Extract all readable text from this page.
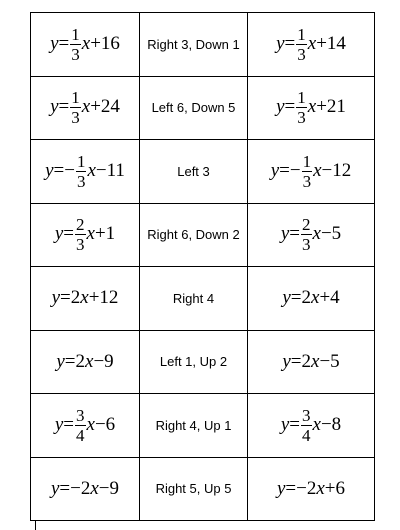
$y= \frac{1}{3} x+16$	Right 3, Down 1	$y= \frac{1}{3} x+14$
$y= \frac{1}{3} x+24$	Left 6, Down 5	$y= \frac{1}{3} x+21$
$y=- \frac{1}{3} x-11$	Left 3	$y=- \frac{1}{3} x-12$
$y= \frac{2}{3} x+1$	Right 6, Down 2	$y= \frac{2}{3} x-5$
y=2x+12	Right 4	y=2x+4
y=2x−9	Left 1, Up 2	y=2x−5
$y= \frac{3}{4} x-6$	Right 4, Up 1	$y= \frac{3}{4} x-8$
y=−2x−9	Right 5, Up 5	y=−2x+6
